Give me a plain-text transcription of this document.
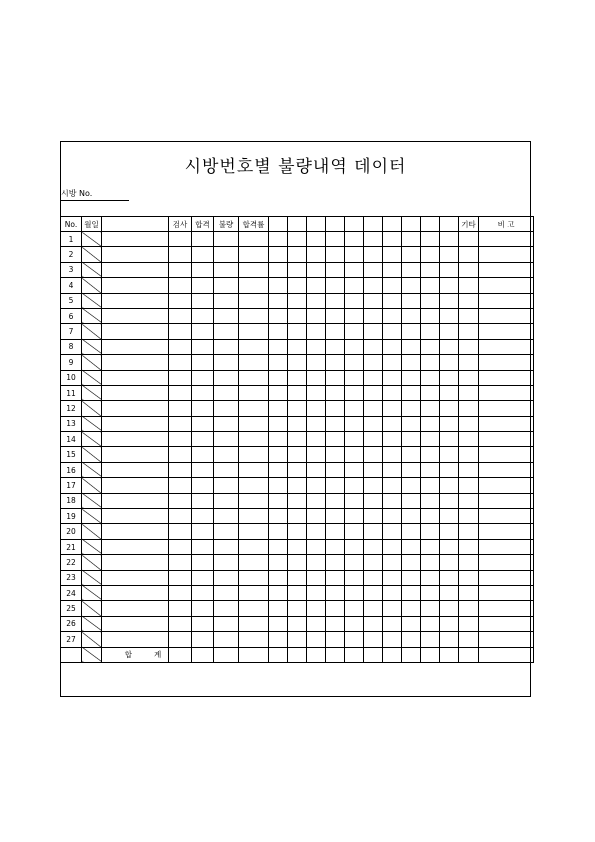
시방번호별 불량내역 데이터
시방 No.
No.	월일		검사	합격	불량	합격률											기타	비 고
1																		
2																		
3																		
4																		
5																		
6																		
7																		
8																		
9																		
10																		
11																		
12																		
13																		
14																		
15																		
16																		
17																		
18																		
19																		
20																		
21																		
22																		
23																		
24																		
25																		
26																		
27																		
		합 계																
